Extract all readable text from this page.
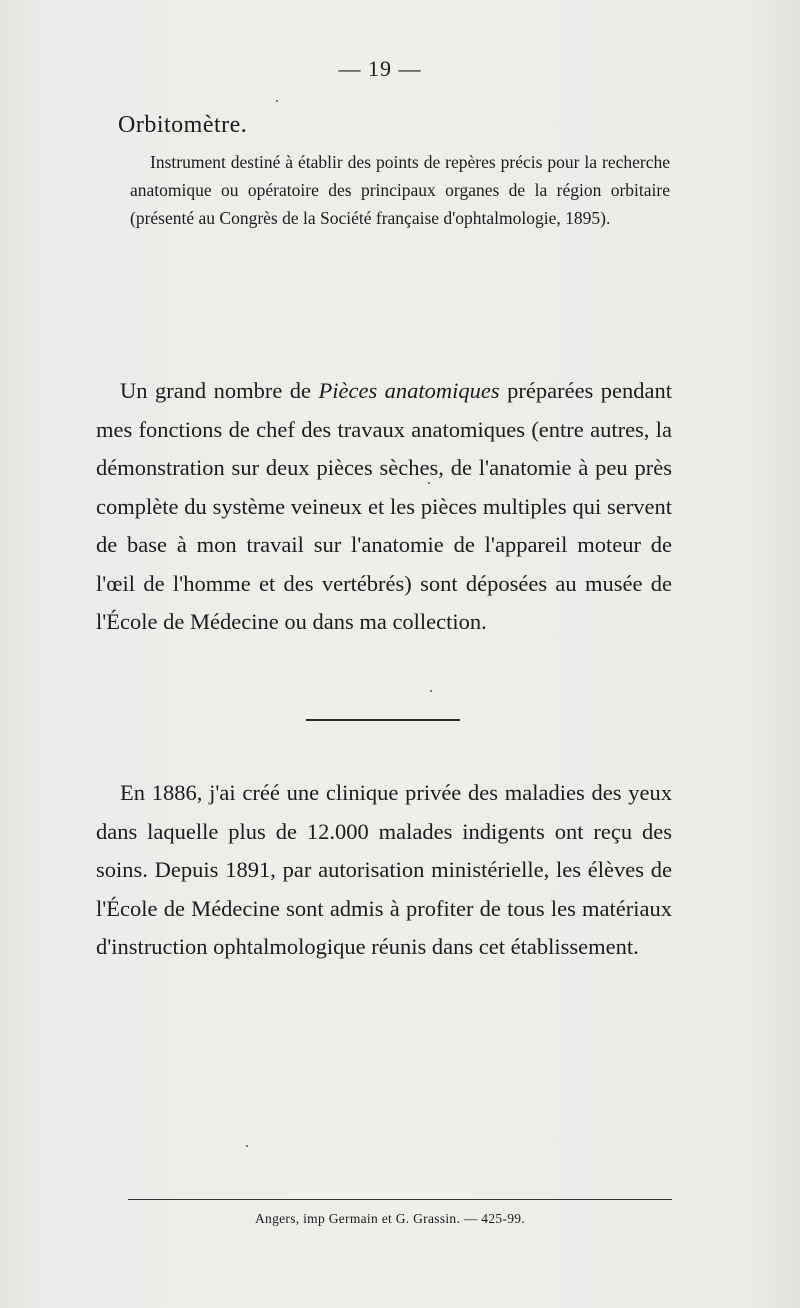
— 19 —
Orbitomètre.

Instrument destiné à établir des points de repères précis pour la recherche anatomique ou opératoire des principaux organes de la région orbitaire (présenté au Congrès de la Société française d'ophtalmologie, 1895).

Un grand nombre de Pièces anatomiques préparées pendant mes fonctions de chef des travaux anatomiques (entre autres, la démonstration sur deux pièces sèches, de l'anatomie à peu près complète du système veineux et les pièces multiples qui servent de base à mon travail sur l'anatomie de l'appareil moteur de l'œil de l'homme et des vertébrés) sont déposées au musée de l'École de Médecine ou dans ma collection.

En 1886, j'ai créé une clinique privée des maladies des yeux dans laquelle plus de 12.000 malades indigents ont reçu des soins. Depuis 1891, par autorisation ministérielle, les élèves de l'École de Médecine sont admis à profiter de tous les matériaux d'instruction ophtalmologique réunis dans cet établissement.

Angers, imp Germain et G. Grassin. — 425-99.
